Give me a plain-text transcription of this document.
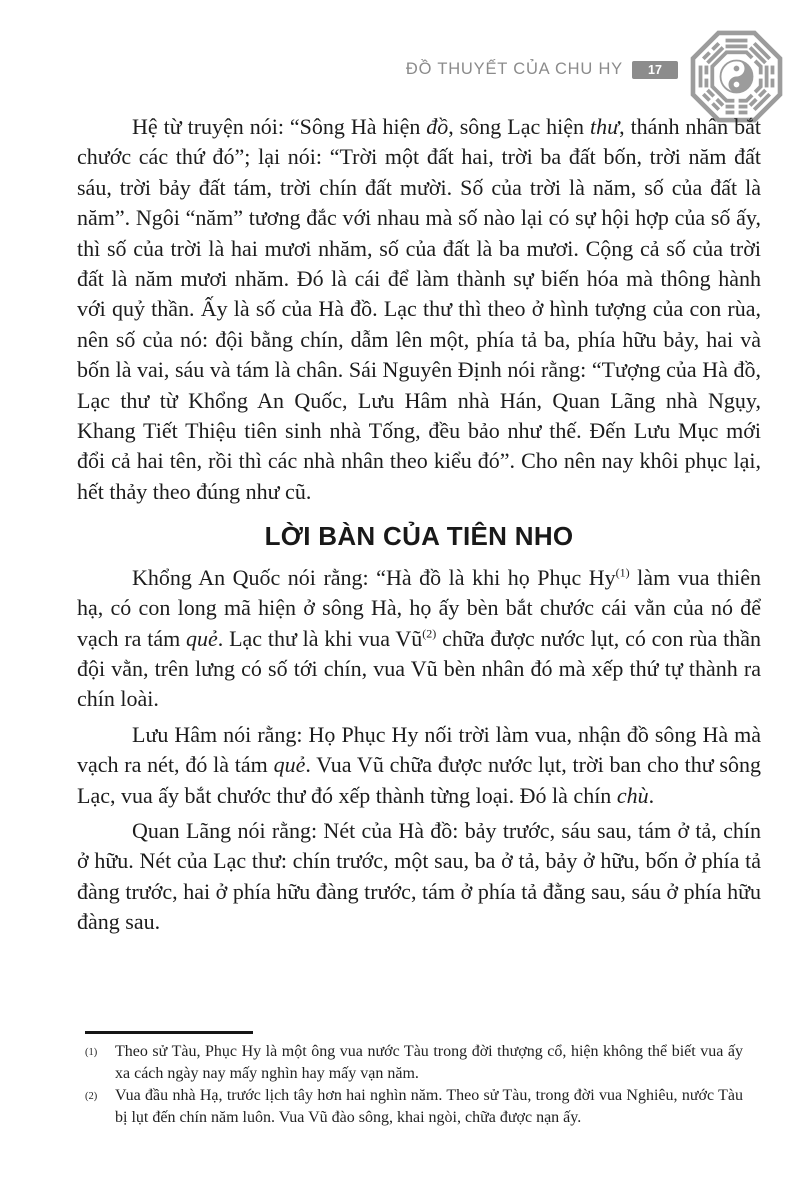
ĐỒ THUYẾT CỦA CHU HY	17

Hệ từ truyện nói: “Sông Hà hiện đồ, sông Lạc hiện thư, thánh nhân bắt chước các thứ đó”; lại nói: “Trời một đất hai, trời ba đất bốn, trời năm đất sáu, trời bảy đất tám, trời chín đất mười. Số của trời là năm, số của đất là năm”. Ngôi “năm” tương đắc với nhau mà số nào lại có sự hội hợp của số ấy, thì số của trời là hai mươi nhăm, số của đất là ba mươi. Cộng cả số của trời đất là năm mươi nhăm. Đó là cái để làm thành sự biến hóa mà thông hành với quỷ thần. Ấy là số của Hà đồ. Lạc thư thì theo ở hình tượng của con rùa, nên số của nó: đội bằng chín, dẫm lên một, phía tả ba, phía hữu bảy, hai và bốn là vai, sáu và tám là chân. Sái Nguyên Định nói rằng: “Tượng của Hà đồ, Lạc thư từ Khổng An Quốc, Lưu Hâm nhà Hán, Quan Lãng nhà Ngụy, Khang Tiết Thiệu tiên sinh nhà Tống, đều bảo như thế. Đến Lưu Mục mới đổi cả hai tên, rồi thì các nhà nhân theo kiểu đó”. Cho nên nay khôi phục lại, hết thảy theo đúng như cũ.

LỜI BÀN CỦA TIÊN NHO

Khổng An Quốc nói rằng: “Hà đồ là khi họ Phục Hy$^{(1)}$ làm vua thiên hạ, có con long mã hiện ở sông Hà, họ ấy bèn bắt chước cái vằn của nó để vạch ra tám quẻ. Lạc thư là khi vua Vũ$^{(2)}$ chữa được nước lụt, có con rùa thần đội vằn, trên lưng có số tới chín, vua Vũ bèn nhân đó mà xếp thứ tự thành ra chín loài.

Lưu Hâm nói rằng: Họ Phục Hy nối trời làm vua, nhận đồ sông Hà mà vạch ra nét, đó là tám quẻ. Vua Vũ chữa được nước lụt, trời ban cho thư sông Lạc, vua ấy bắt chước thư đó xếp thành từng loại. Đó là chín chù.

Quan Lãng nói rằng: Nét của Hà đồ: bảy trước, sáu sau, tám ở tả, chín ở hữu. Nét của Lạc thư: chín trước, một sau, ba ở tả, bảy ở hữu, bốn ở phía tả đàng trước, hai ở phía hữu đàng trước, tám ở phía tả đằng sau, sáu ở phía hữu đàng sau.

(1) Theo sử Tàu, Phục Hy là một ông vua nước Tàu trong đời thượng cổ, hiện không thể biết vua ấy xa cách ngày nay mấy nghìn hay mấy vạn năm.
(2) Vua đầu nhà Hạ, trước lịch tây hơn hai nghìn năm. Theo sử Tàu, trong đời vua Nghiêu, nước Tàu bị lụt đến chín năm luôn. Vua Vũ đào sông, khai ngòi, chữa được nạn ấy.
